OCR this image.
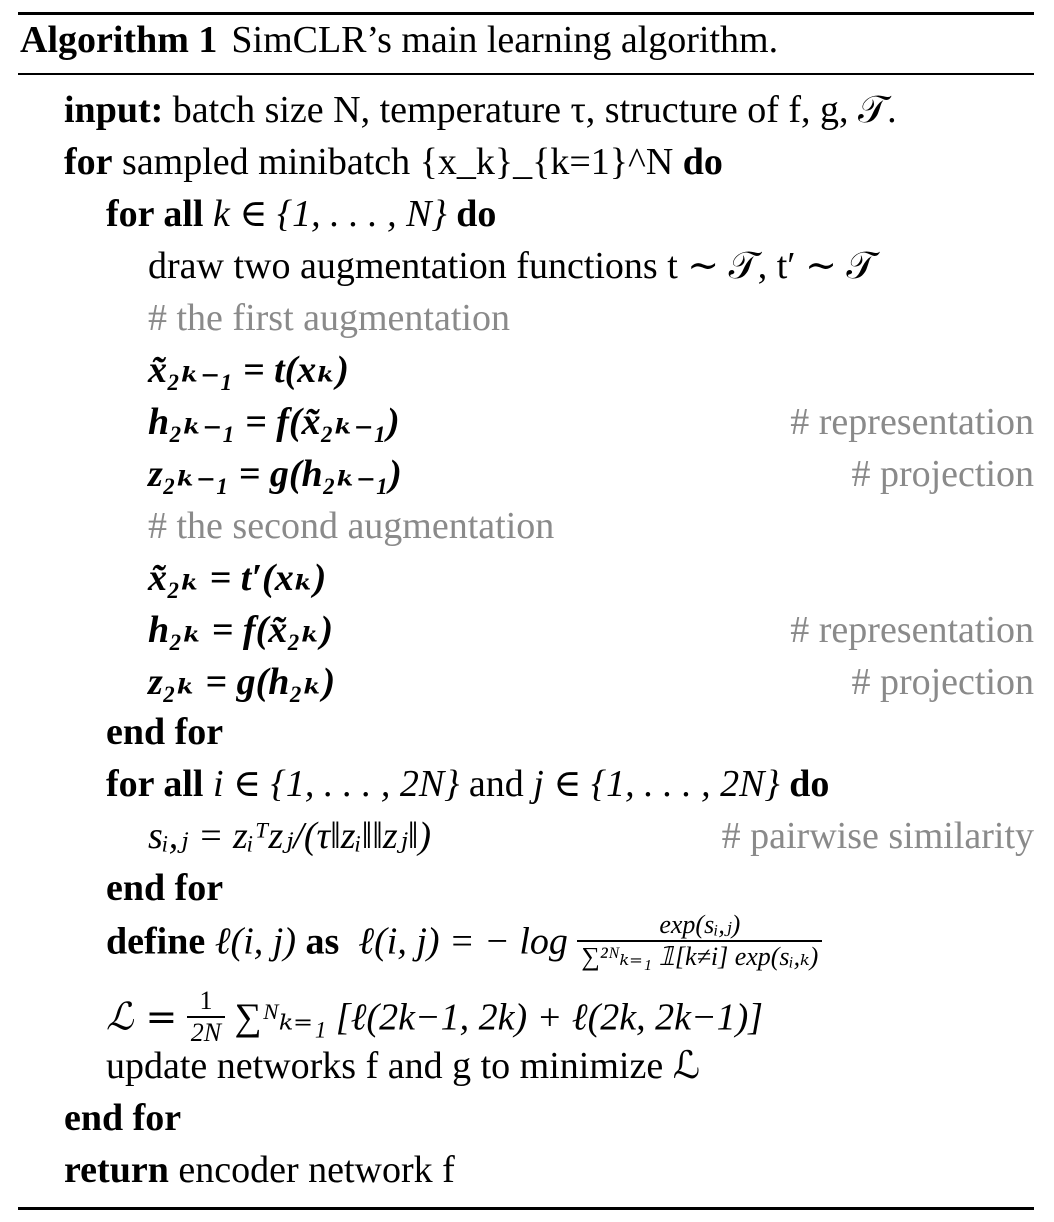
Algorithm 1 SimCLR’s main learning algorithm.
input: batch size N, temperature τ, structure of f, g, 𝒯.
for sampled minibatch {x_k}_{k=1}^N do
for all k ∈ {1, . . . , N} do
draw two augmentation functions t ∼ 𝒯, t′ ∼ 𝒯
# the first augmentation
x̃₂ₖ₋₁ = t(xₖ)
h₂ₖ₋₁ = f(x̃₂ₖ₋₁)	# representation
z₂ₖ₋₁ = g(h₂ₖ₋₁)	# projection
# the second augmentation
x̃₂ₖ = t′(xₖ)
h₂ₖ = f(x̃₂ₖ)	# representation
z₂ₖ = g(h₂ₖ)	# projection
end for
for all i ∈ {1, . . . , 2N} and j ∈ {1, . . . , 2N} do
sᵢ,ⱼ = zᵢᵀzⱼ/(τ‖zᵢ‖‖zⱼ‖)	# pairwise similarity
end for
define ℓ(i, j) as ℓ(i, j) = − $\log \frac{\text{exp(sᵢ,ⱼ)}}{\text{∑²ᴺₖ₌₁ 𝟙[k≠i] exp(sᵢ,ₖ)}}$
ℒ = $\frac{1}{2N}$ ∑ᴺₖ₌₁ [ℓ(2k−1, 2k) + ℓ(2k, 2k−1)]
update networks f and g to minimize ℒ
end for
return encoder network f
